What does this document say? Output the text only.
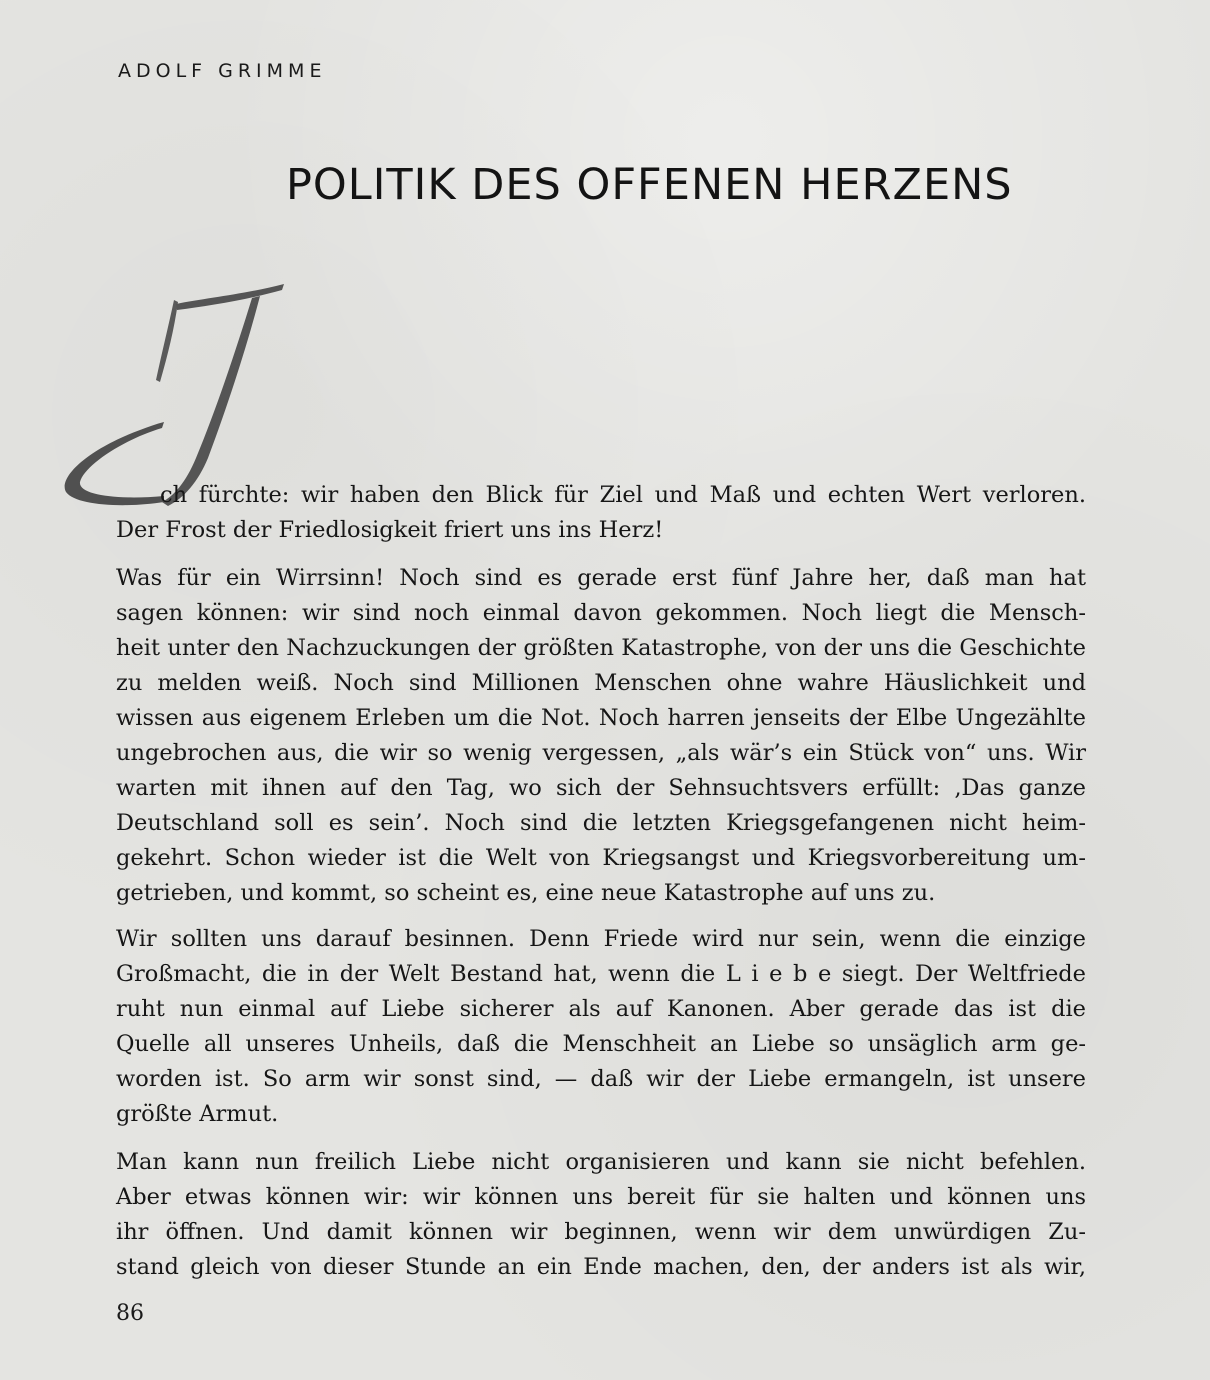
ADOLF GRIMME
POLITIK DES OFFENEN HERZENS
ch fürchte: wir haben den Blick für Ziel und Maß und echten Wert verloren.
Der Frost der Friedlosigkeit friert uns ins Herz!
Was für ein Wirrsinn! Noch sind es gerade erst fünf Jahre her, daß man hat
sagen können: wir sind noch einmal davon gekommen. Noch liegt die Mensch-
heit unter den Nachzuckungen der größten Katastrophe, von der uns die Geschichte
zu melden weiß. Noch sind Millionen Menschen ohne wahre Häuslichkeit und
wissen aus eigenem Erleben um die Not. Noch harren jenseits der Elbe Ungezählte
ungebrochen aus, die wir so wenig vergessen, „als wär’s ein Stück von“ uns. Wir
warten mit ihnen auf den Tag, wo sich der Sehnsuchtsvers erfüllt: ‚Das ganze
Deutschland soll es sein’. Noch sind die letzten Kriegsgefangenen nicht heim-
gekehrt. Schon wieder ist die Welt von Kriegsangst und Kriegsvorbereitung um-
getrieben, und kommt, so scheint es, eine neue Katastrophe auf uns zu.
Wir sollten uns darauf besinnen. Denn Friede wird nur sein, wenn die einzige
Großmacht, die in der Welt Bestand hat, wenn die L i e b e siegt. Der Weltfriede
ruht nun einmal auf Liebe sicherer als auf Kanonen. Aber gerade das ist die
Quelle all unseres Unheils, daß die Menschheit an Liebe so unsäglich arm ge-
worden ist. So arm wir sonst sind, — daß wir der Liebe ermangeln, ist unsere
größte Armut.
Man kann nun freilich Liebe nicht organisieren und kann sie nicht befehlen.
Aber etwas können wir: wir können uns bereit für sie halten und können uns
ihr öffnen. Und damit können wir beginnen, wenn wir dem unwürdigen Zu-
stand gleich von dieser Stunde an ein Ende machen, den, der anders ist als wir,
86
